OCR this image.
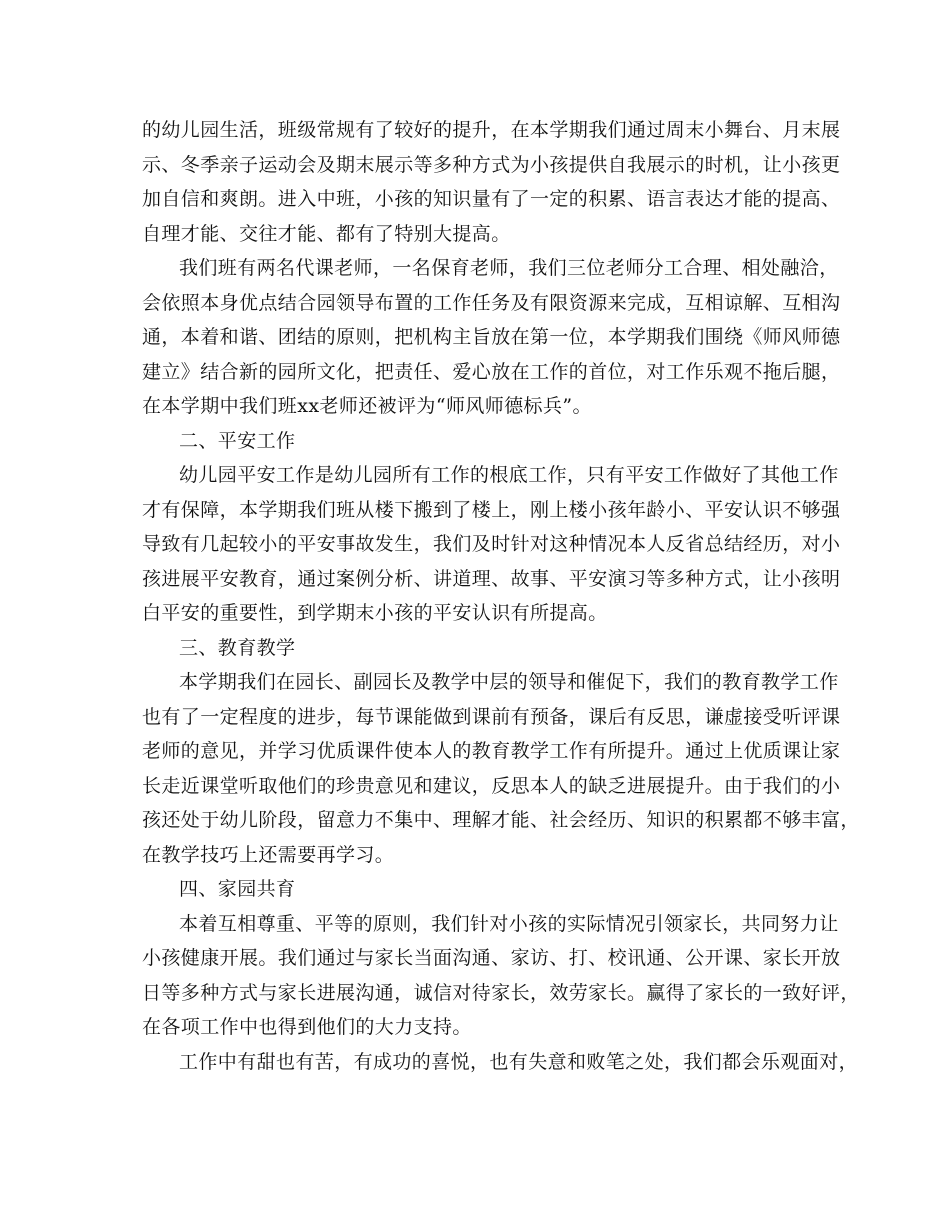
的幼儿园生活，班级常规有了较好的提升，在本学期我们通过周末小舞台、月末展
示、冬季亲子运动会及期末展示等多种方式为小孩提供自我展示的时机，让小孩更
加自信和爽朗。进入中班，小孩的知识量有了一定的积累、语言表达才能的提高、
自理才能、交往才能、都有了特别大提高。
我们班有两名代课老师，一名保育老师，我们三位老师分工合理、相处融洽，
会依照本身优点结合园领导布置的工作任务及有限资源来完成，互相谅解、互相沟
通，本着和谐、团结的原则，把机构主旨放在第一位，本学期我们围绕《师风师德
建立》结合新的园所文化，把责任、爱心放在工作的首位，对工作乐观不拖后腿，
在本学期中我们班xx老师还被评为“师风师德标兵”。
二、平安工作
幼儿园平安工作是幼儿园所有工作的根底工作，只有平安工作做好了其他工作
才有保障，本学期我们班从楼下搬到了楼上，刚上楼小孩年龄小、平安认识不够强
导致有几起较小的平安事故发生，我们及时针对这种情况本人反省总结经历，对小
孩进展平安教育，通过案例分析、讲道理、故事、平安演习等多种方式，让小孩明
白平安的重要性，到学期末小孩的平安认识有所提高。
三、教育教学
本学期我们在园长、副园长及教学中层的领导和催促下，我们的教育教学工作
也有了一定程度的进步，每节课能做到课前有预备，课后有反思，谦虚接受听评课
老师的意见，并学习优质课件使本人的教育教学工作有所提升。通过上优质课让家
长走近课堂听取他们的珍贵意见和建议，反思本人的缺乏进展提升。由于我们的小
孩还处于幼儿阶段，留意力不集中、理解才能、社会经历、知识的积累都不够丰富，
在教学技巧上还需要再学习。
四、家园共育
本着互相尊重、平等的原则，我们针对小孩的实际情况引领家长，共同努力让
小孩健康开展。我们通过与家长当面沟通、家访、打、校讯通、公开课、家长开放
日等多种方式与家长进展沟通，诚信对待家长，效劳家长。赢得了家长的一致好评，
在各项工作中也得到他们的大力支持。
工作中有甜也有苦，有成功的喜悦，也有失意和败笔之处，我们都会乐观面对，
